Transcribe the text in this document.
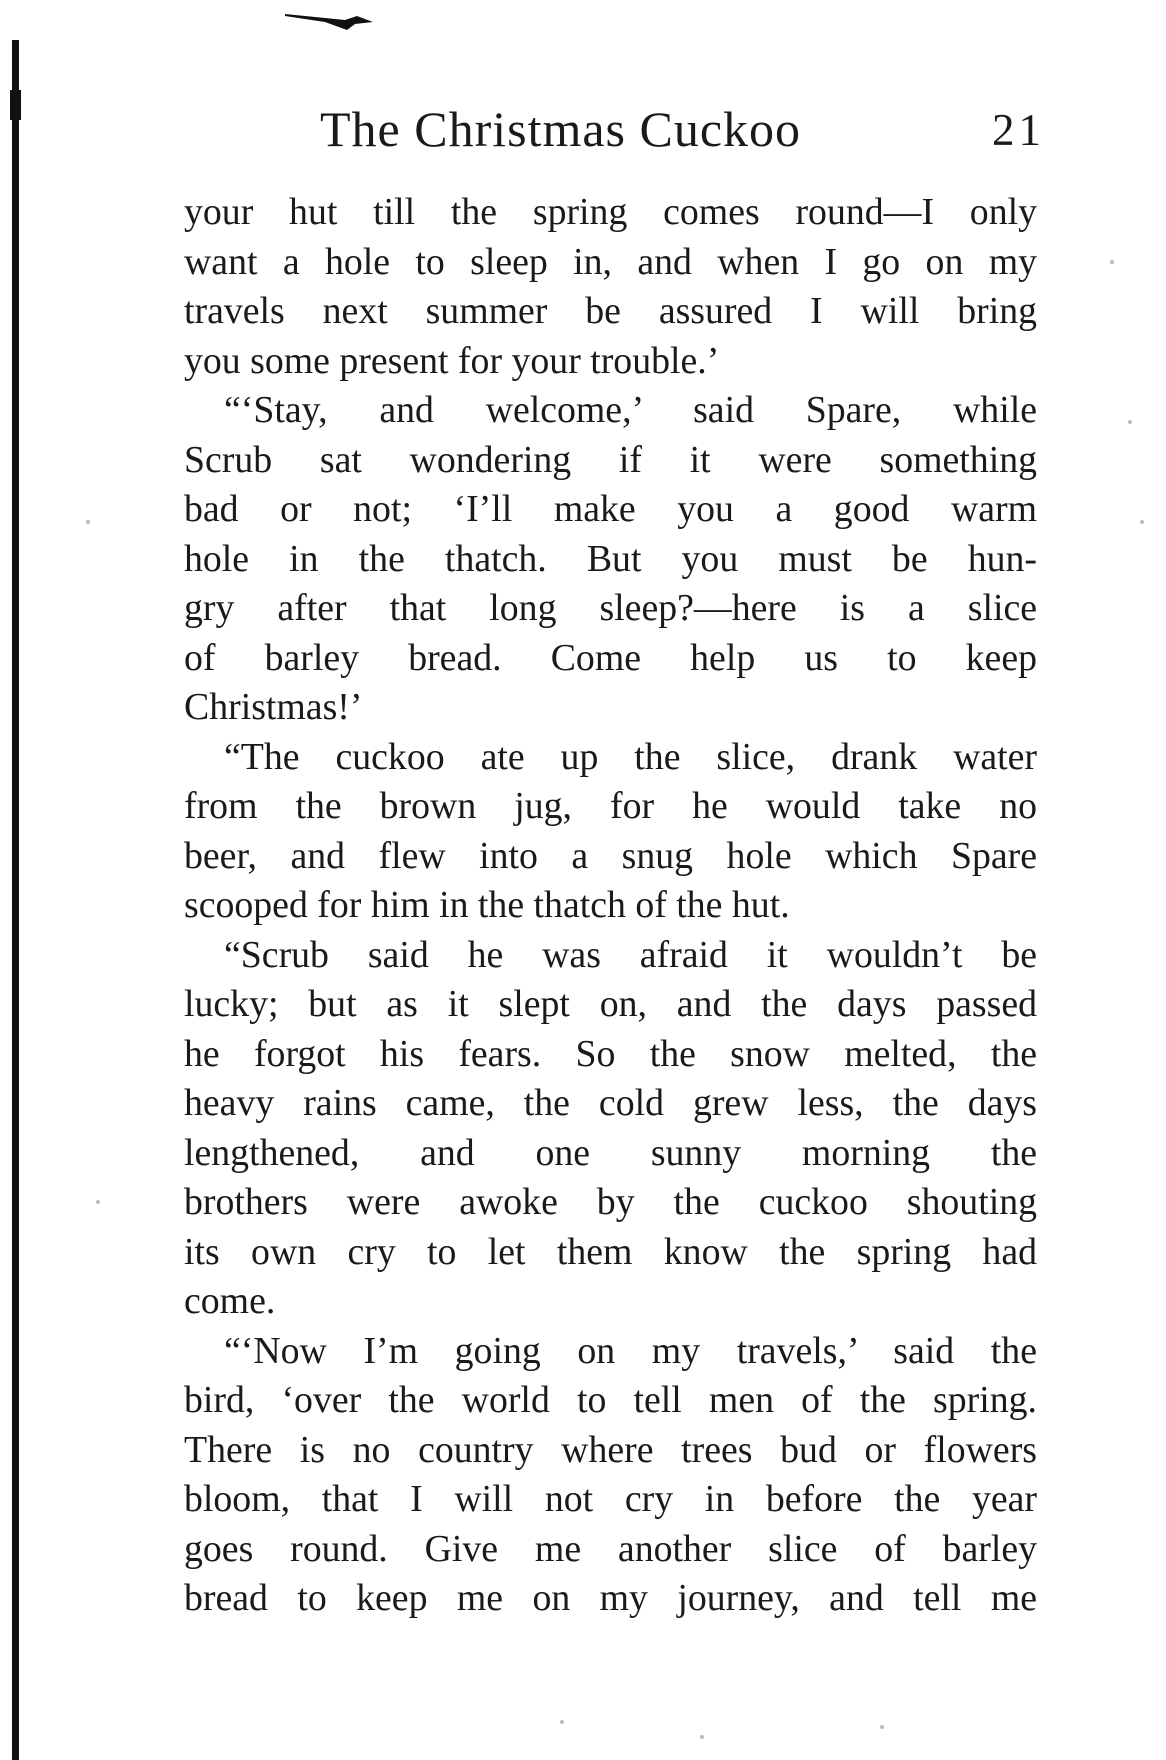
The Christmas Cuckoo	21
your hut till the spring comes round—I only
want a hole to sleep in, and when I go on my
travels next summer be assured I will bring
you some present for your trouble.’
“‘Stay, and welcome,’ said Spare, while
Scrub sat wondering if it were something
bad or not; ‘I’ll make you a good warm
hole in the thatch. But you must be hun-
gry after that long sleep?—here is a slice
of barley bread. Come help us to keep
Christmas!’
“The cuckoo ate up the slice, drank water
from the brown jug, for he would take no
beer, and flew into a snug hole which Spare
scooped for him in the thatch of the hut.
“Scrub said he was afraid it wouldn’t be
lucky; but as it slept on, and the days passed
he forgot his fears. So the snow melted, the
heavy rains came, the cold grew less, the days
lengthened, and one sunny morning the
brothers were awoke by the cuckoo shouting
its own cry to let them know the spring had
come.
“‘Now I’m going on my travels,’ said the
bird, ‘over the world to tell men of the spring.
There is no country where trees bud or flowers
bloom, that I will not cry in before the year
goes round. Give me another slice of barley
bread to keep me on my journey, and tell me
